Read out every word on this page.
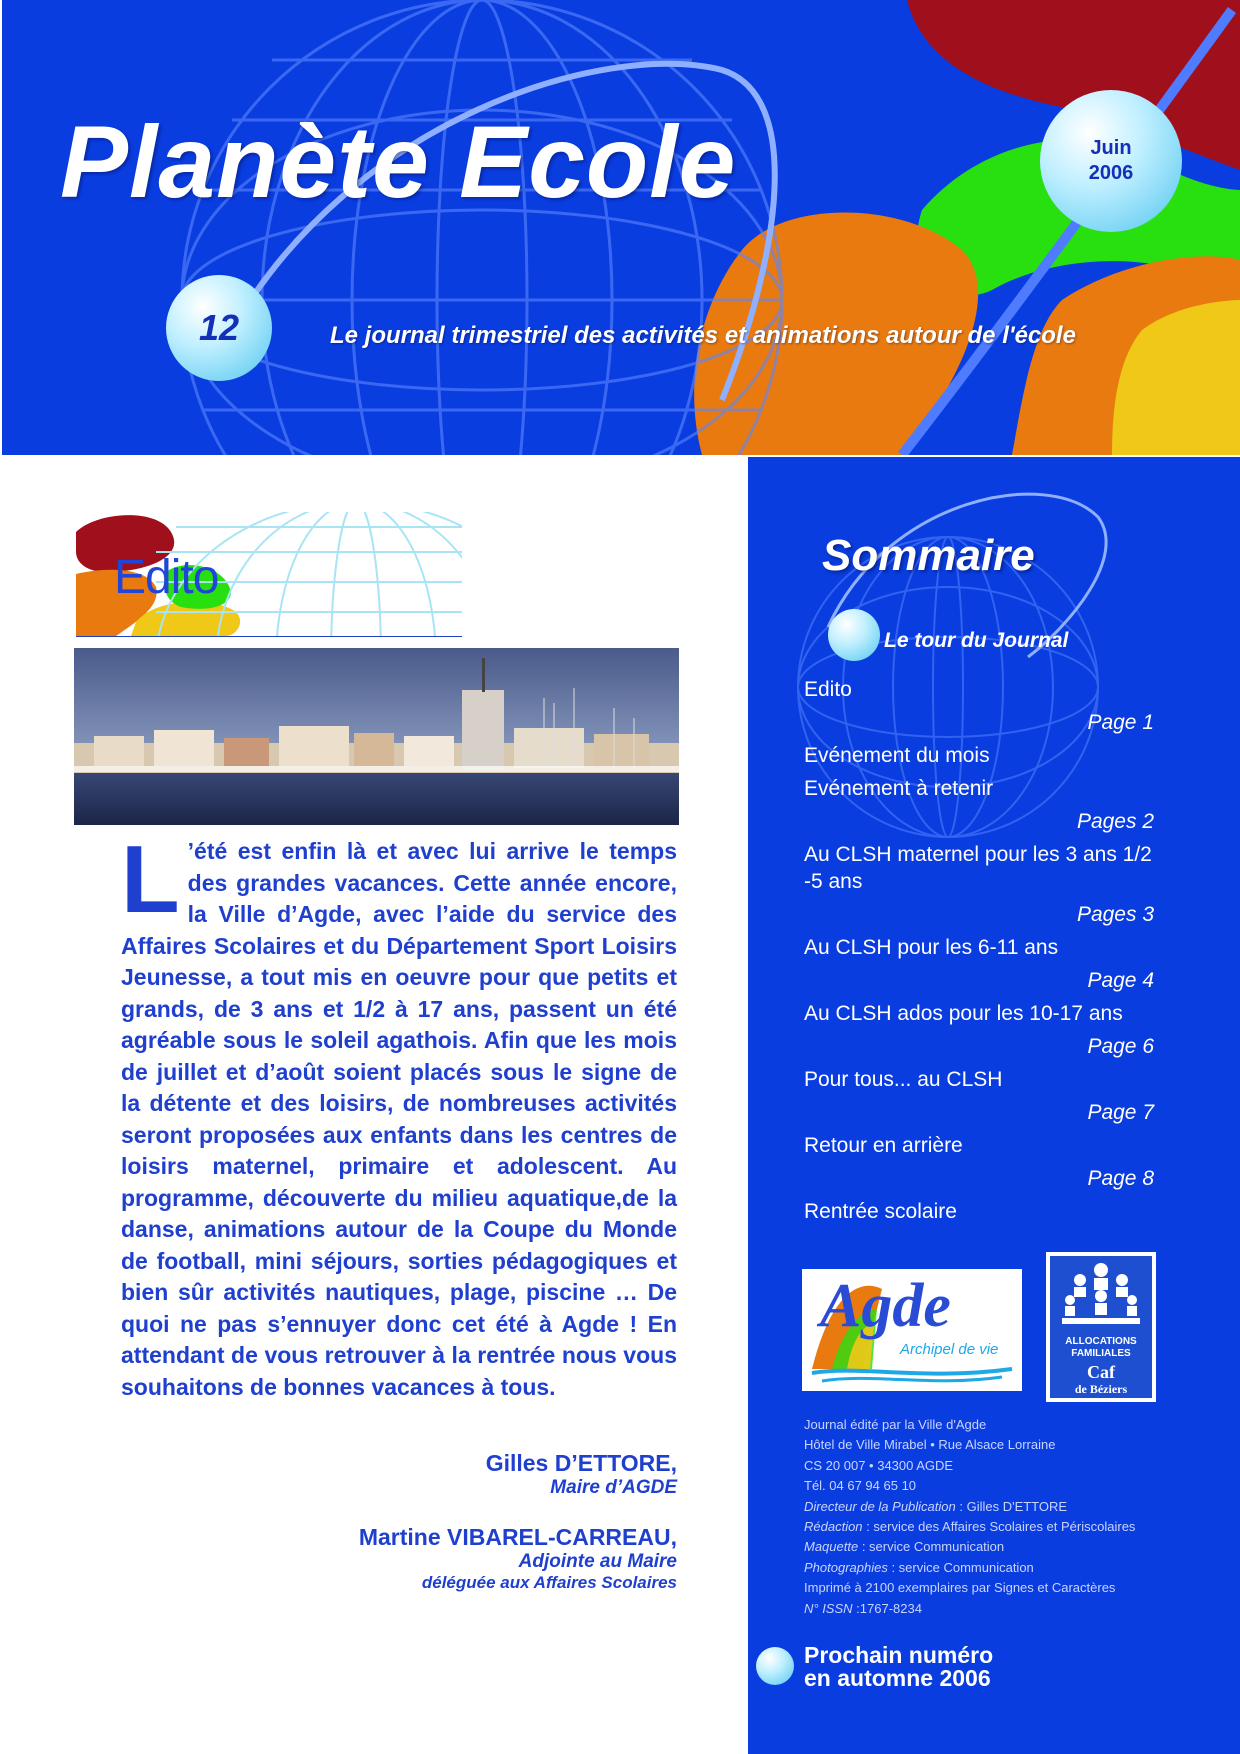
Planète Ecole
12
Juin
2006
Le journal trimestriel des activités et animations autour de l'école
Edito

L ’été est enfin là et avec lui arrive le temps des grandes vacances. Cette année encore, la Ville d’Agde, avec l’aide du service des Affaires Scolaires et du Département Sport Loisirs Jeunesse, a tout mis en oeuvre pour que petits et grands, de 3 ans et 1/2 à 17 ans, passent un été agréable sous le soleil agathois. Afin que les mois de juillet et d’août soient placés sous le signe de la détente et des loisirs, de nombreuses activités seront proposées aux enfants dans les centres de loisirs maternel, primaire et adolescent. Au programme, découverte du milieu aquatique,de la danse, animations autour de la Coupe du Monde de football, mini séjours, sorties pédagogiques et bien sûr activités nautiques, plage, piscine … De quoi ne pas s’ennuyer donc cet été à Agde ! En attendant de vous retrouver à la rentrée nous vous souhaitons de bonnes vacances à tous.

Gilles D’ETTORE,
Maire d’AGDE
Martine VIBAREL-CARREAU,
Adjointe au Maire
déléguée aux Affaires Scolaires
Sommaire
Le tour du Journal
Edito
Page 1
Evénement du mois
Evénement à retenir
Pages 2
Au CLSH maternel pour les 3 ans 1/2 -5 ans
Pages 3
Au CLSH pour les 6-11 ans
Page 4
Au CLSH ados pour les 10-17 ans
Page 6
Pour tous... au CLSH
Page 7
Retour en arrière
Page 8
Rentrée scolaire
Agde
Archipel de vie	ALLOCATIONS
FAMILIALES
Caf
de Béziers
Journal édité par la Ville d'Agde
Hôtel de Ville Mirabel • Rue Alsace Lorraine
CS 20 007 • 34300 AGDE
Tél. 04 67 94 65 10
Directeur de la Publication : Gilles D'ETTORE
Rédaction : service des Affaires Scolaires et Périscolaires
Maquette : service Communication
Photographies : service Communication
Imprimé à 2100 exemplaires par Signes et Caractères
N° ISSN :1767-8234
Prochain numéro
en automne 2006
